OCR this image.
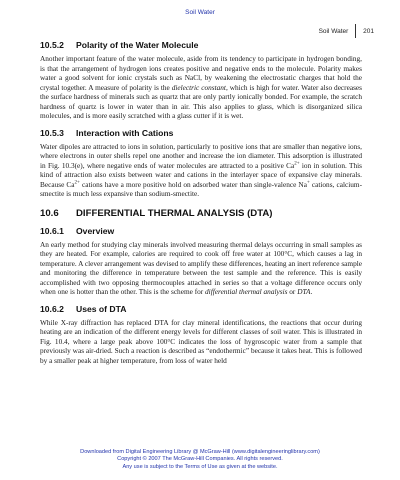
Soil Water
Soil Water 201
10.5.2 Polarity of the Water Molecule

Another important feature of the water molecule, aside from its tendency to participate in hydrogen bonding, is that the arrangement of hydrogen ions creates positive and negative ends to the molecule. Polarity makes water a good solvent for ionic crystals such as NaCl, by weakening the electrostatic charges that hold the crystal together. A measure of polarity is the dielectric constant, which is high for water. Water also decreases the surface hardness of minerals such as quartz that are only partly ionically bonded. For example, the scratch hardness of quartz is lower in water than in air. This also applies to glass, which is disorganized silica molecules, and is more easily scratched with a glass cutter if it is wet.

10.5.3 Interaction with Cations

Water dipoles are attracted to ions in solution, particularly to positive ions that are smaller than negative ions, where electrons in outer shells repel one another and increase the ion diameter. This adsorption is illustrated in Fig. 10.3(e), where negative ends of water molecules are attracted to a positive $Ca^{2+}$ ion in solution. This kind of attraction also exists between water and cations in the interlayer space of expansive clay minerals. Because $Ca^{2+}$ cations have a more positive hold on adsorbed water than single-valence Na+ cations, calcium-smectite is much less expansive than sodium-smectite.

10.6 DIFFERENTIAL THERMAL ANALYSIS (DTA)
10.6.1 Overview

An early method for studying clay minerals involved measuring thermal delays occurring in small samples as they are heated. For example, calories are required to cook off free water at 100°C, which causes a lag in temperature. A clever arrangement was devised to amplify these differences, heating an inert reference sample and monitoring the difference in temperature between the test sample and the reference. This is easily accomplished with two opposing thermocouples attached in series so that a voltage difference occurs only when one is hotter than the other. This is the scheme for differential thermal analysis or DTA.

10.6.2 Uses of DTA

While X-ray diffraction has replaced DTA for clay mineral identifications, the reactions that occur during heating are an indication of the different energy levels for different classes of soil water. This is illustrated in Fig. 10.4, where a large peak above 100°C indicates the loss of hygroscopic water from a sample that previously was air-dried. Such a reaction is described as “endothermic” because it takes heat. This is followed by a smaller peak at higher temperature, from loss of water held

Downloaded from Digital Engineering Library @ McGraw-Hill (www.digitalengineeringlibrary.com)
Copyright © 2007 The McGraw-Hill Companies. All rights reserved.
Any use is subject to the Terms of Use as given at the website.
